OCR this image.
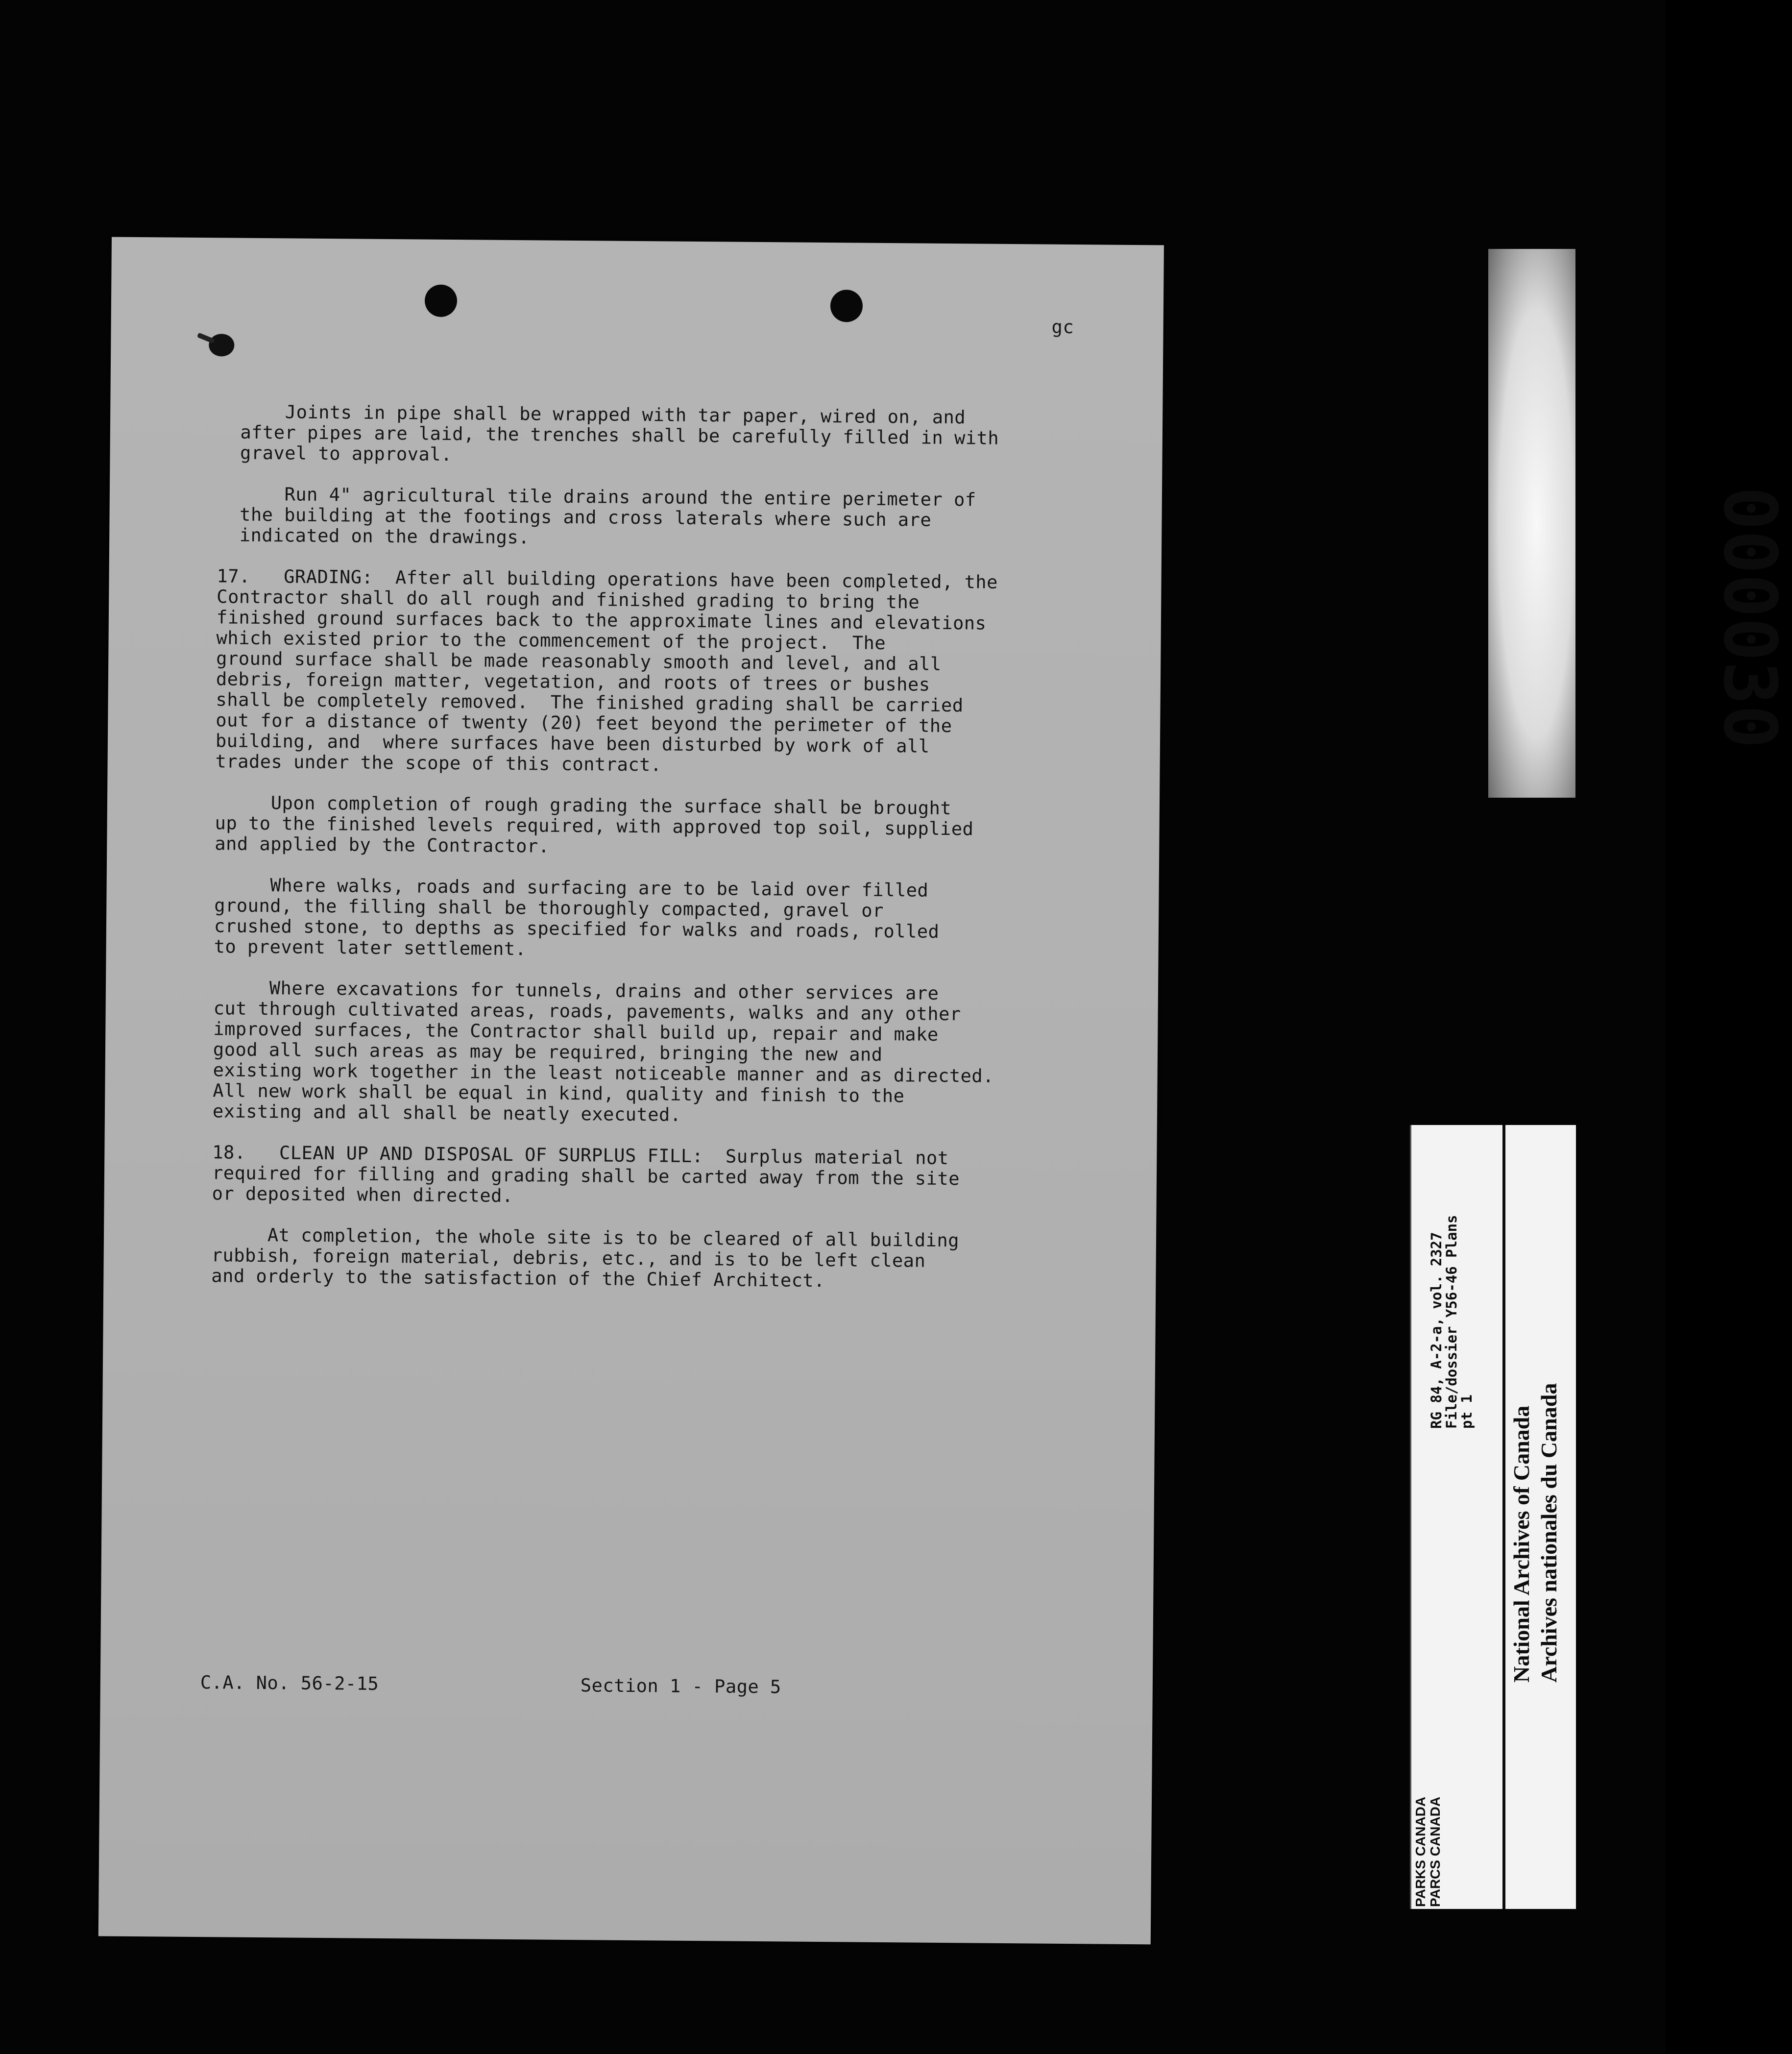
gc

Joints in pipe shall be wrapped with tar paper, wired on, and
after pipes are laid, the trenches shall be carefully filled in with
gravel to approval.

Run 4" agricultural tile drains around the entire perimeter of
the building at the footings and cross laterals where such are
indicated on the drawings.

17.   GRADING:  After all building operations have been completed, the
Contractor shall do all rough and finished grading to bring the
finished ground surfaces back to the approximate lines and elevations
which existed prior to the commencement of the project.  The
ground surface shall be made reasonably smooth and level, and all
debris, foreign matter, vegetation, and roots of trees or bushes
shall be completely removed.  The finished grading shall be carried
out for a distance of twenty (20) feet beyond the perimeter of the
building, and  where surfaces have been disturbed by work of all
trades under the scope of this contract.

Upon completion of rough grading the surface shall be brought
up to the finished levels required, with approved top soil, supplied
and applied by the Contractor.

Where walks, roads and surfacing are to be laid over filled
ground, the filling shall be thoroughly compacted, gravel or
crushed stone, to depths as specified for walks and roads, rolled
to prevent later settlement.

Where excavations for tunnels, drains and other services are
cut through cultivated areas, roads, pavements, walks and any other
improved surfaces, the Contractor shall build up, repair and make
good all such areas as may be required, bringing the new and
existing work together in the least noticeable manner and as directed.
All new work shall be equal in kind, quality and finish to the
existing and all shall be neatly executed.

18.   CLEAN UP AND DISPOSAL OF SURPLUS FILL:  Surplus material not
required for filling and grading shall be carted away from the site
or deposited when directed.

At completion, the whole site is to be cleared of all building
rubbish, foreign material, debris, etc., and is to be left clean
and orderly to the satisfaction of the Chief Architect.

C.A. No. 56-2-15	Section 1 - Page 5

000030

RG 84, A-2-a, vol. 2327

File/dossier Y56-46 Plans

pt 1

PARKS CANADA PARCS CANADA

National Archives of Canada Archives nationales du Canada
